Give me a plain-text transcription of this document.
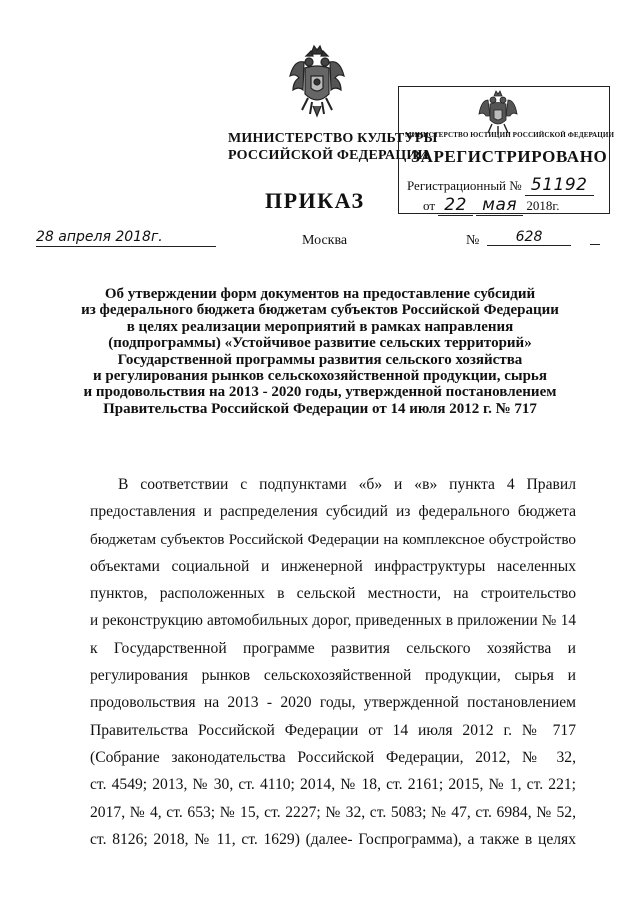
МИНИСТЕРСТВО КУЛЬТУРЫ
РОССИЙСКОЙ ФЕДЕРАЦИИ
МИНИСТЕРСТВО ЮСТИЦИИ РОССИЙСКОЙ ФЕДЕРАЦИИ
ЗАРЕГИСТРИРОВАНО
Регистрационный № 51192
от 22 мая 2018г.
ПРИКАЗ
28 апреля 2018г.	Москва	№	628
Об утверждении форм документов на предоставление субсидий
из федерального бюджета бюджетам субъектов Российской Федерации
в целях реализации мероприятий в рамках направления
(подпрограммы) «Устойчивое развитие сельских территорий»
Государственной программы развития сельского хозяйства
и регулирования рынков сельскохозяйственной продукции, сырья
и продовольствия на 2013 - 2020 годы, утвержденной постановлением
Правительства Российской Федерации от 14 июля 2012 г. № 717
В соответствии с подпунктами «б» и «в» пункта 4 Правил
предоставления и распределения субсидий из федерального бюджета
бюджетам субъектов Российской Федерации на комплексное обустройство
объектами социальной и инженерной инфраструктуры населенных
пунктов, расположенных в сельской местности, на строительство
и реконструкцию автомобильных дорог, приведенных в приложении № 14
к Государственной программе развития сельского хозяйства и
регулирования рынков сельскохозяйственной продукции, сырья и
продовольствия на 2013 - 2020 годы, утвержденной постановлением
Правительства Российской Федерации от 14 июля 2012 г. № 717
(Собрание законодательства Российской Федерации, 2012, № 32,
ст. 4549; 2013, № 30, ст. 4110; 2014, № 18, ст. 2161; 2015, № 1, ст. 221;
2017, № 4, ст. 653; № 15, ст. 2227; № 32, ст. 5083; № 47, ст. 6984, № 52,
ст. 8126; 2018, № 11, ст. 1629) (далее- Госпрограмма), а также в целях
